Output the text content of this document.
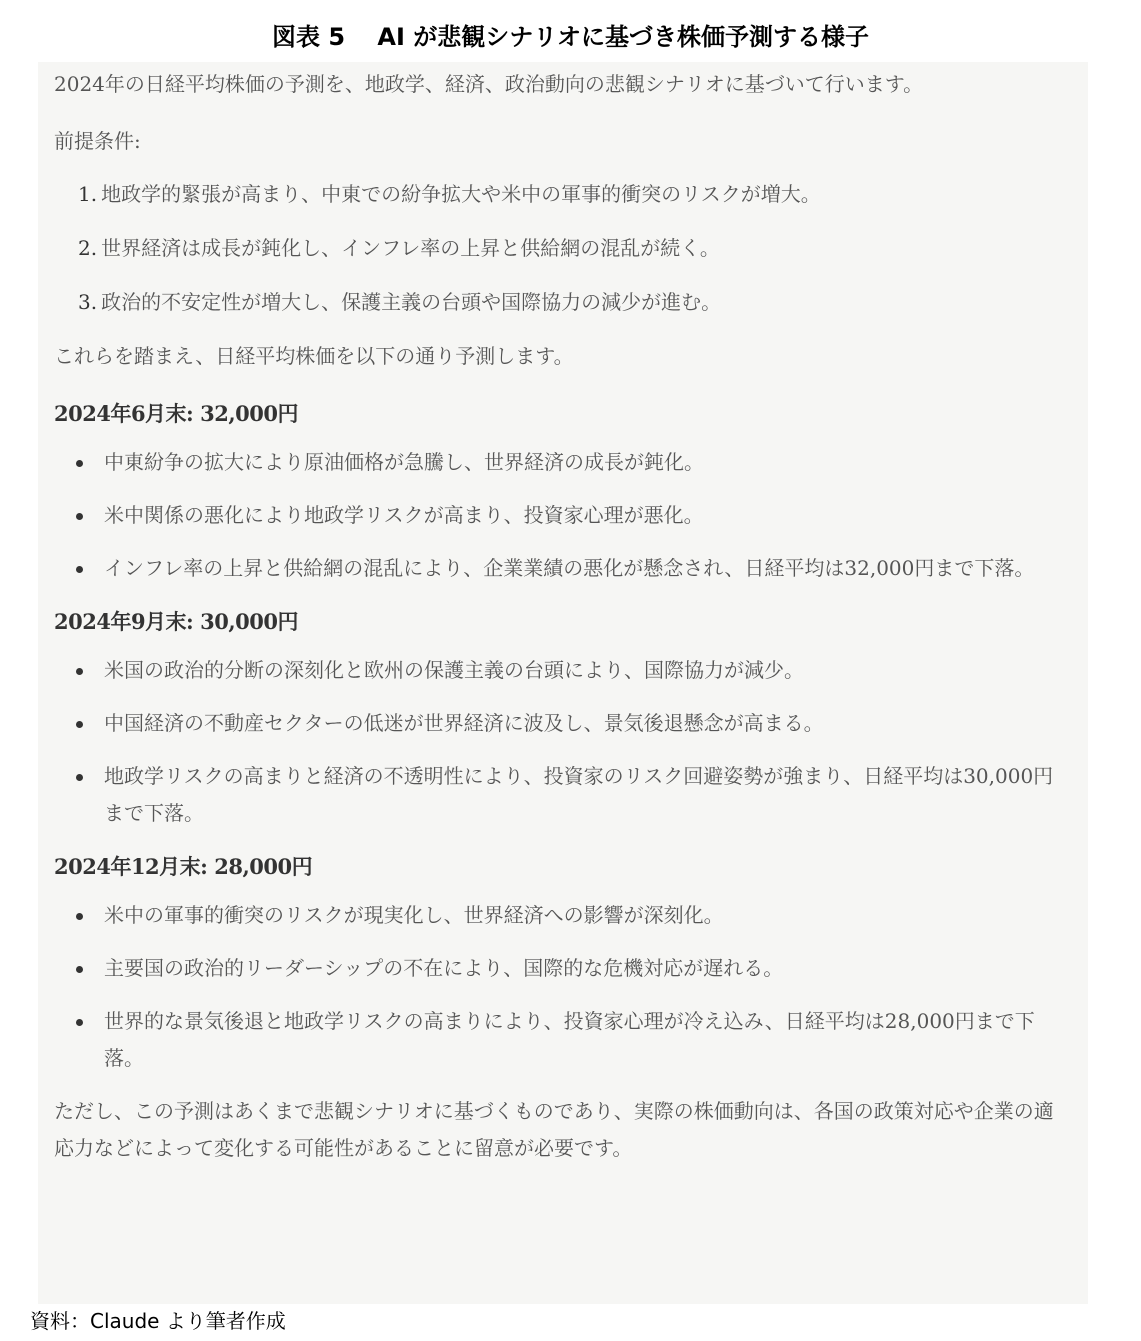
図表 5　 AI が悲観シナリオに基づき株価予測する様子

2024年の日経平均株価の予測を、地政学、経済、政治動向の悲観シナリオに基づいて行います。

前提条件:

1. 地政学的緊張が高まり、中東での紛争拡大や米中の軍事的衝突のリスクが増大。
2. 世界経済は成長が鈍化し、インフレ率の上昇と供給網の混乱が続く。
3. 政治的不安定性が増大し、保護主義の台頭や国際協力の減少が進む。

これらを踏まえ、日経平均株価を以下の通り予測します。

2024年6月末: 32,000円

中東紛争の拡大により原油価格が急騰し、世界経済の成長が鈍化。
米中関係の悪化により地政学リスクが高まり、投資家心理が悪化。
インフレ率の上昇と供給網の混乱により、企業業績の悪化が懸念され、日経平均は32,000円まで下落。

2024年9月末: 30,000円

米国の政治的分断の深刻化と欧州の保護主義の台頭により、国際協力が減少。
中国経済の不動産セクターの低迷が世界経済に波及し、景気後退懸念が高まる。
地政学リスクの高まりと経済の不透明性により、投資家のリスク回避姿勢が強まり、日経平均は30,000円まで下落。

2024年12月末: 28,000円

米中の軍事的衝突のリスクが現実化し、世界経済への影響が深刻化。
主要国の政治的リーダーシップの不在により、国際的な危機対応が遅れる。
世界的な景気後退と地政学リスクの高まりにより、投資家心理が冷え込み、日経平均は28,000円まで下落。

ただし、この予測はあくまで悲観シナリオに基づくものであり、実際の株価動向は、各国の政策対応や企業の適応力などによって変化する可能性があることに留意が必要です。

資料：Claude より筆者作成
